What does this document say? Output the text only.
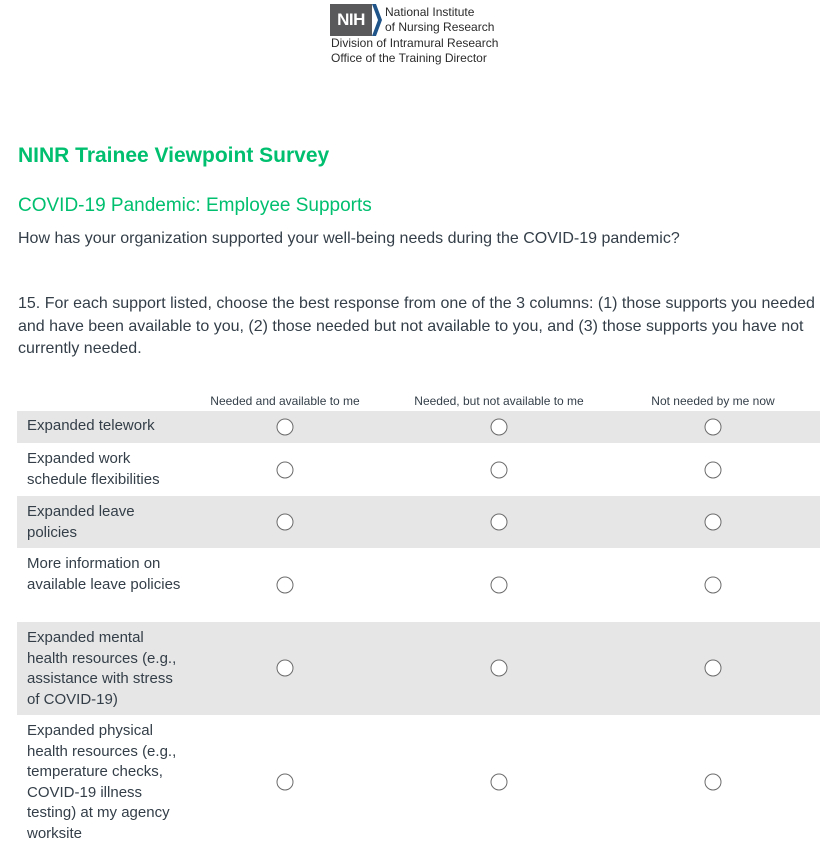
NIH	National Institute
of Nursing Research
Division of Intramural Research
Office of the Training Director
NINR Trainee Viewpoint Survey
COVID-19 Pandemic: Employee Supports

How has your organization supported your well-being needs during the COVID-19 pandemic?

15. For each support listed, choose the best response from one of the 3 columns: (1) those supports you needed and have been available to you, (2) those needed but not available to you, and (3) those supports you have not currently needed.

Needed and available to me	Needed, but not available to me	Not needed by me now
Expanded telework
Expanded work schedule flexibilities
Expanded leave policies
More information on available leave policies
Expanded mental health resources (e.g., assistance with stress of COVID-19)
Expanded physical health resources (e.g., temperature checks, COVID-19 illness testing) at my agency worksite
